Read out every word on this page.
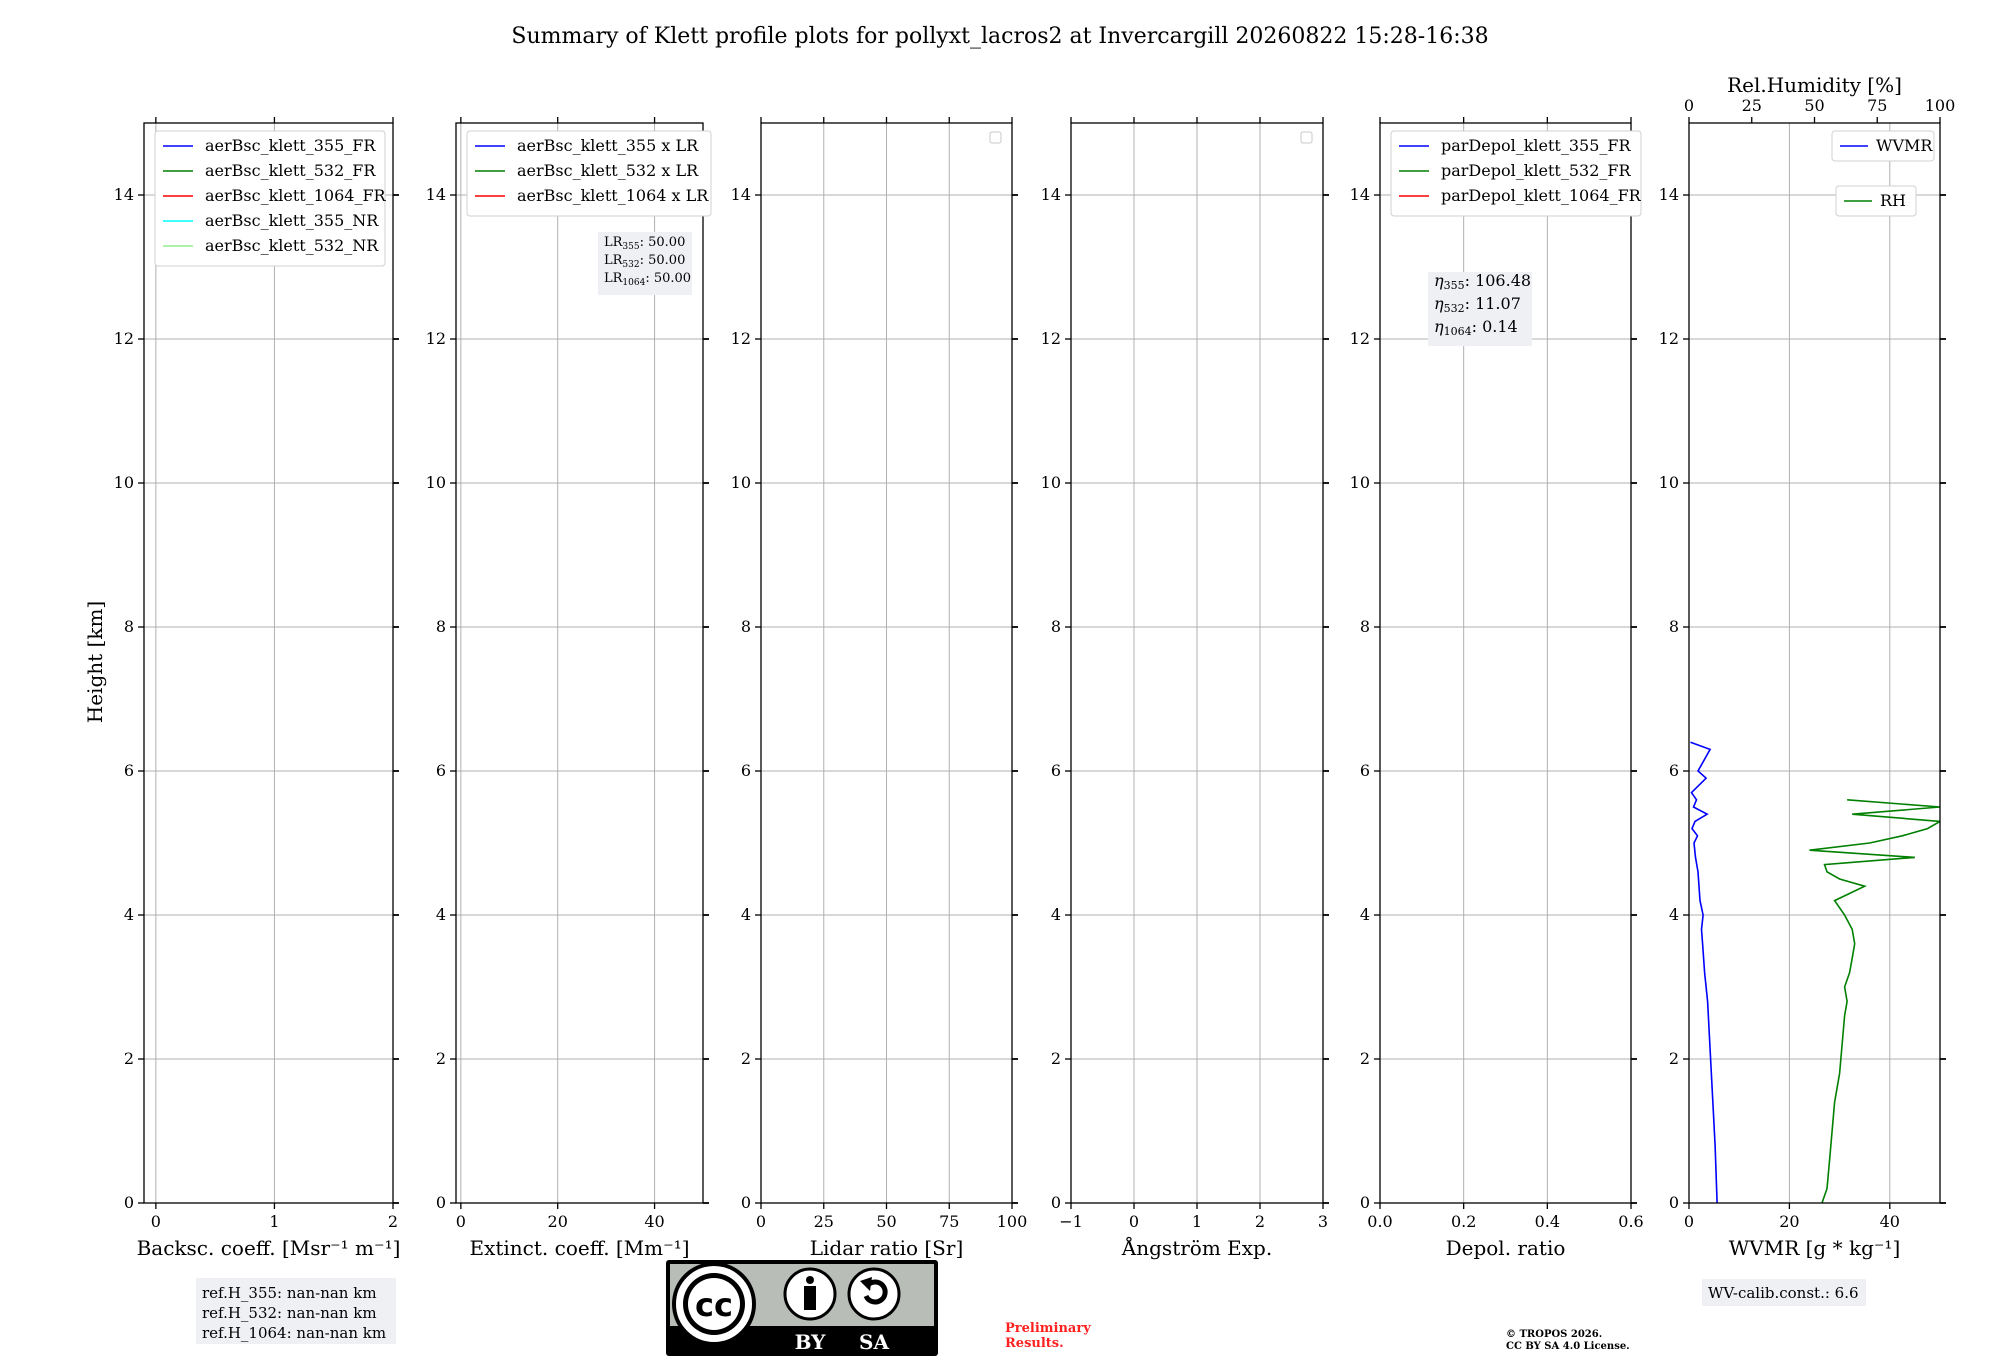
Summary of Klett profile plots for pollyxt_lacros2 at Invercargill 20260822 15:28-16:38
Height [km]
0	1	2
0
2
4
6
8
10
12
14
Backsc. coeff. [Msr⁻¹ m⁻¹]
aerBsc_klett_355_FR
aerBsc_klett_532_FR
aerBsc_klett_1064_FR
aerBsc_klett_355_NR
aerBsc_klett_532_NR
0	20	40
0
2
4
6
8
10
12
14
Extinct. coeff. [Mm⁻¹]
aerBsc_klett_355 x LR
aerBsc_klett_532 x LR
aerBsc_klett_1064 x LR
$LR_{355}$: 50.00
$LR_{532}$: 50.00
$LR_{1064}$: 50.00
0	25	50	75 100
0
2
4
6
8
10
12
14
Lidar ratio [Sr]
−1	0	1	2	3
0
2
4
6
8
10
12
14
Ångström Exp.
0.0	0.2	0.4	0.6
0
2
4
6
8
10
12
14
Depol. ratio
parDepol_klett_355_FR
parDepol_klett_532_FR
parDepol_klett_1064_FR
η355: 106.48
η532: 11.07
η1064: 0.14
0	20	40
0
2
4
6
8
10
12
14
WVMR [g * kg⁻¹]
0	25	50	75 100
Rel.Humidity [%]
WVMR
RH
ref.H_355: nan-nan km
ref.H_532: nan-nan km
ref.H_1064: nan-nan km
cc
BY SA
Preliminary
Results.
© TROPOS 2026.
CC BY SA 4.0 License.
WV-calib.const.: 6.6
